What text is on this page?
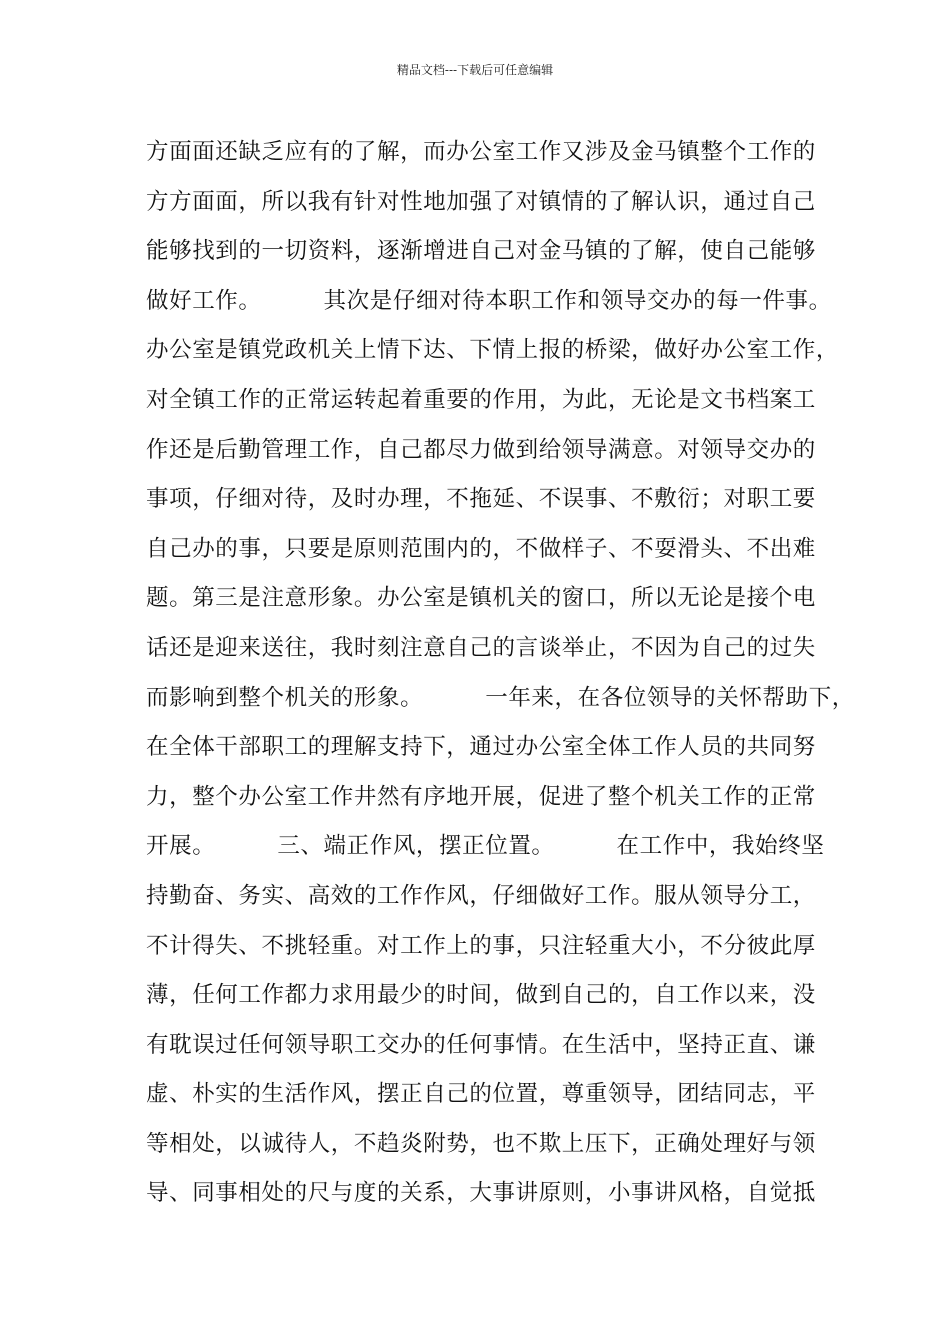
精品文档---下载后可任意编辑
方面面还缺乏应有的了解，而办公室工作又涉及金马镇整个工作的
方方面面，所以我有针对性地加强了对镇情的了解认识，通过自己
能够找到的一切资料，逐渐增进自己对金马镇的了解，使自己能够
做好工作。        其次是仔细对待本职工作和领导交办的每一件事。
办公室是镇党政机关上情下达、下情上报的桥梁，做好办公室工作，
对全镇工作的正常运转起着重要的作用，为此，无论是文书档案工
作还是后勤管理工作，自己都尽力做到给领导满意。对领导交办的
事项，仔细对待，及时办理，不拖延、不误事、不敷衍；对职工要
自己办的事，只要是原则范围内的，不做样子、不耍滑头、不出难
题。第三是注意形象。办公室是镇机关的窗口，所以无论是接个电
话还是迎来送往，我时刻注意自己的言谈举止，不因为自己的过失
而影响到整个机关的形象。        一年来，在各位领导的关怀帮助下，
在全体干部职工的理解支持下，通过办公室全体工作人员的共同努
力，整个办公室工作井然有序地开展，促进了整个机关工作的正常
开展。        三、端正作风，摆正位置。        在工作中，我始终坚
持勤奋、务实、高效的工作作风，仔细做好工作。服从领导分工，
不计得失、不挑轻重。对工作上的事，只注轻重大小，不分彼此厚
薄，任何工作都力求用最少的时间，做到自己的，自工作以来，没
有耽误过任何领导职工交办的任何事情。在生活中，坚持正直、谦
虚、朴实的生活作风，摆正自己的位置，尊重领导，团结同志，平
等相处，以诚待人，不趋炎附势，也不欺上压下，正确处理好与领
导、同事相处的尺与度的关系，大事讲原则，小事讲风格，自觉抵
